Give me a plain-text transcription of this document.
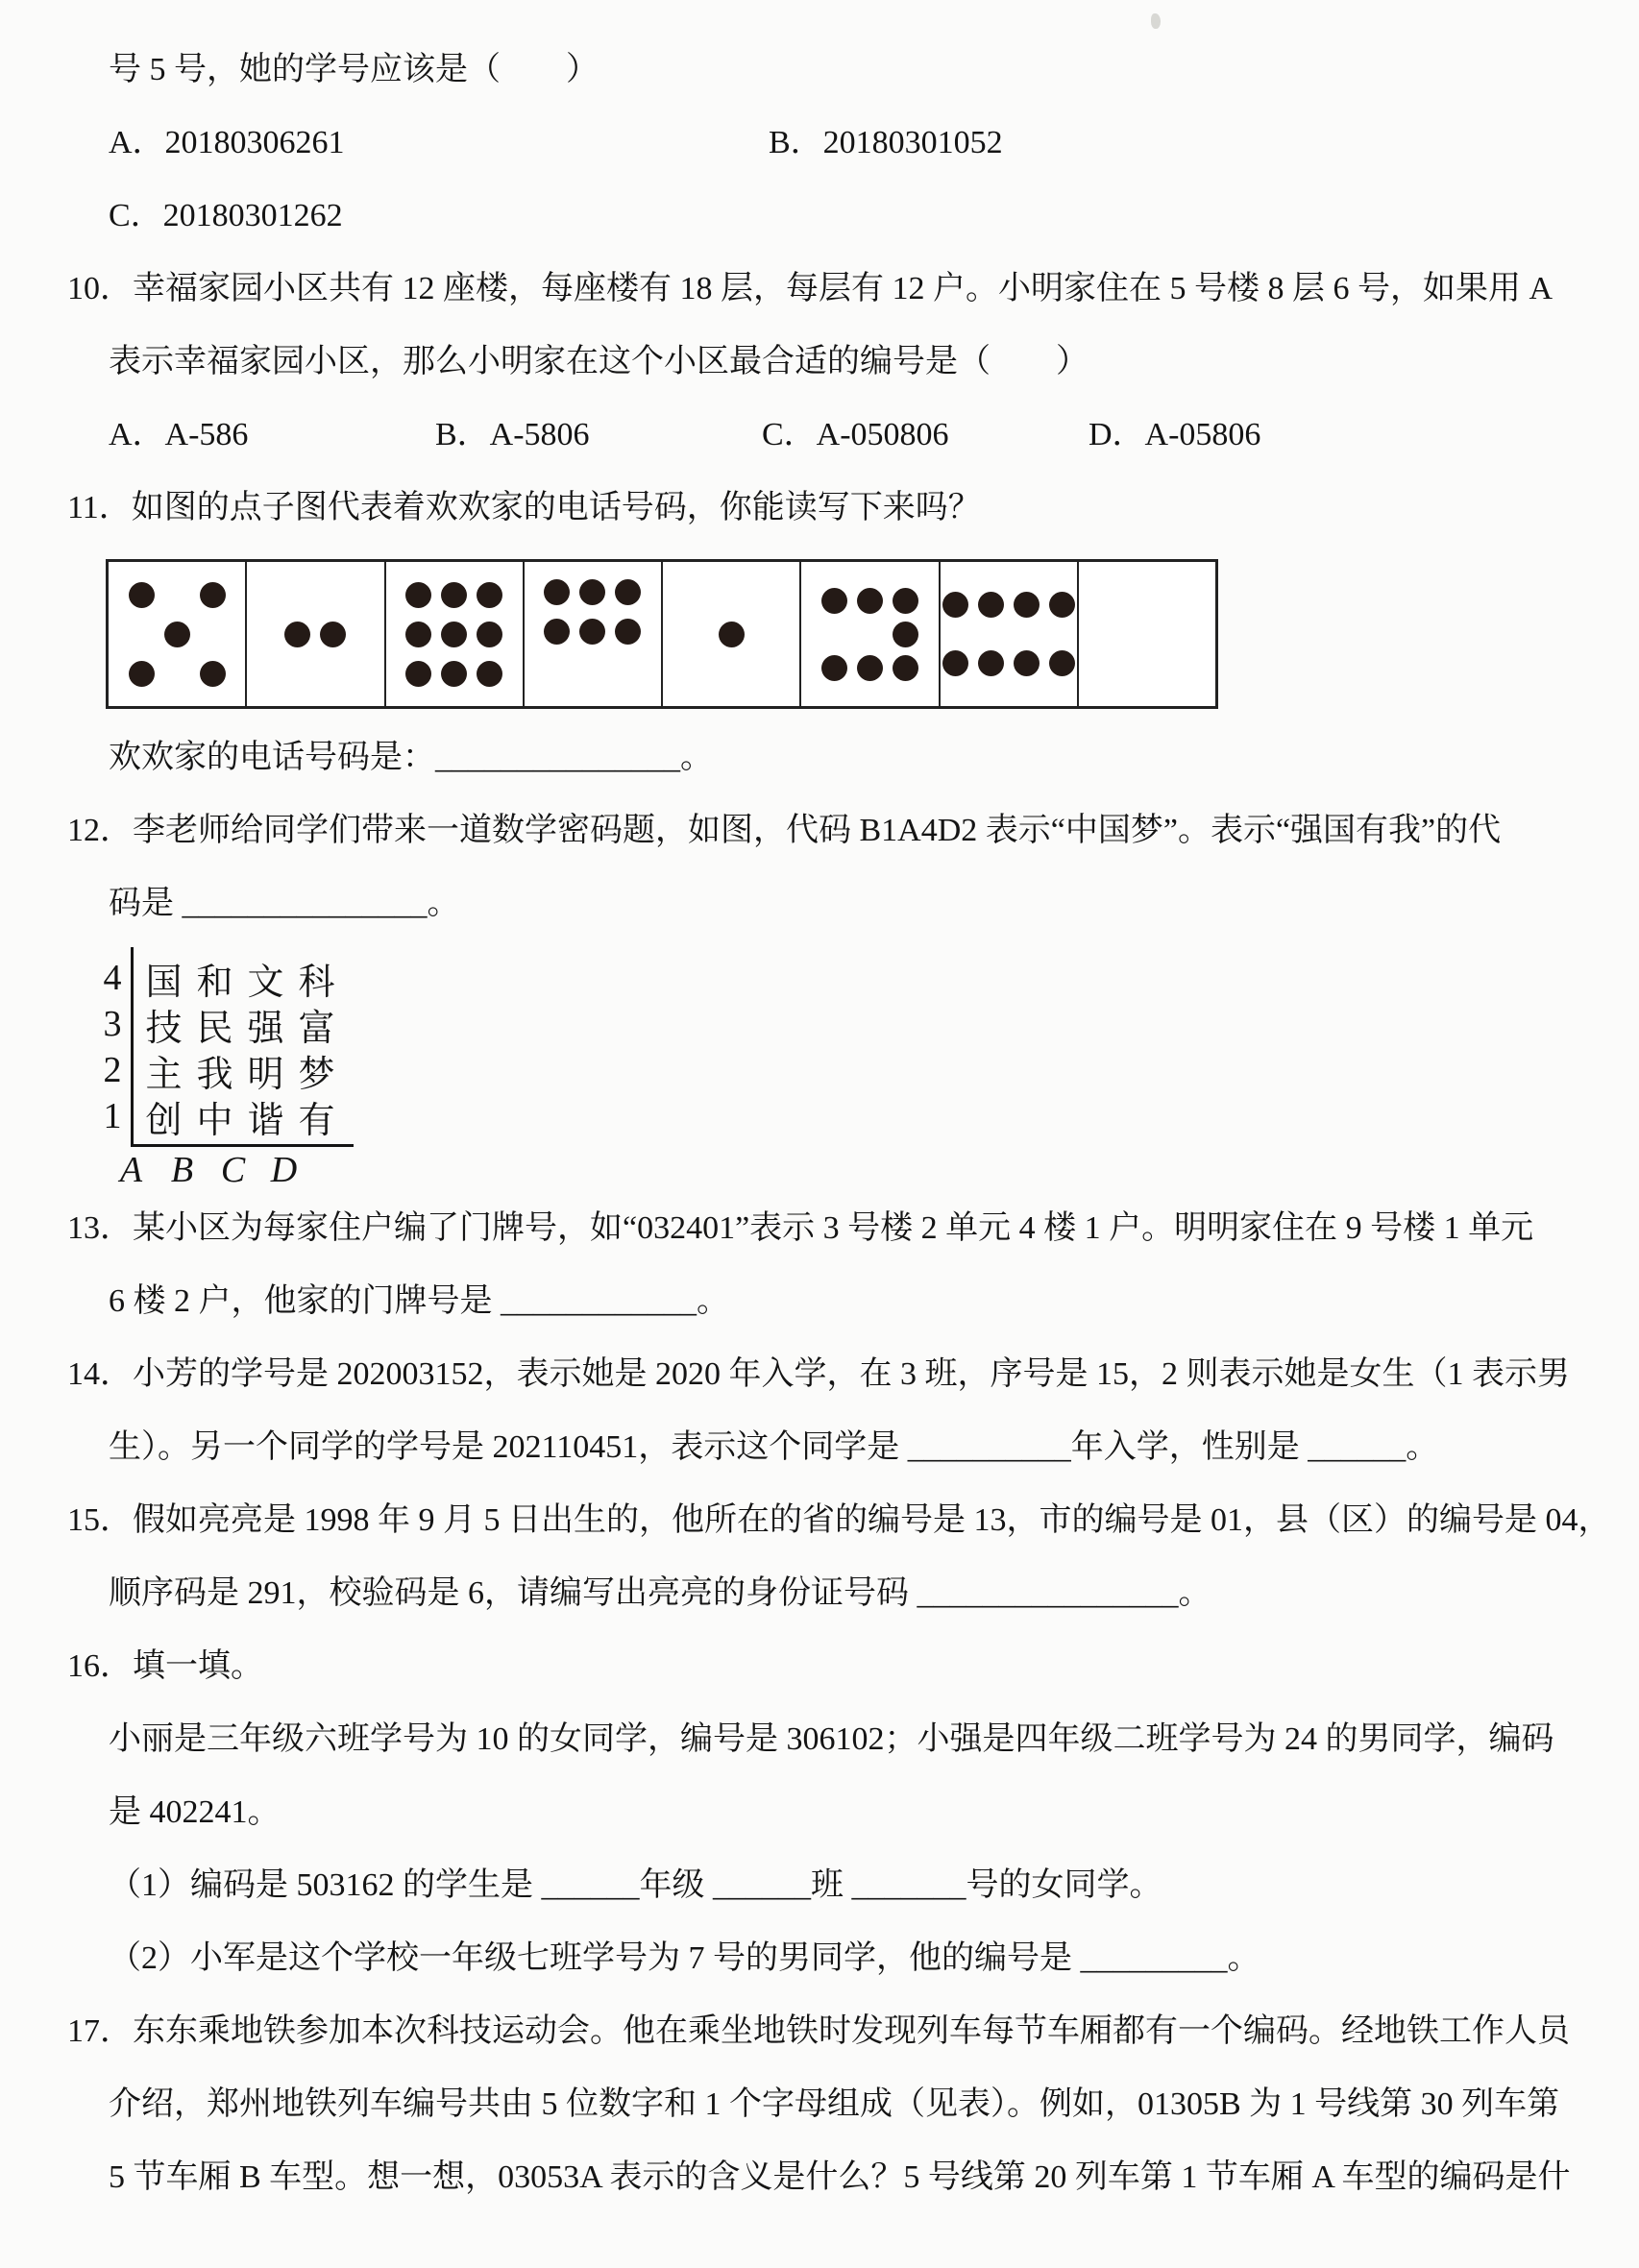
号 5 号，她的学号应该是（　　）
A．20180306261	B．20180301052
C．20180301262
10．幸福家园小区共有 12 座楼，每座楼有 18 层，每层有 12 户。小明家住在 5 号楼 8 层 6 号，如果用 A
表示幸福家园小区，那么小明家在这个小区最合适的编号是（　　）
A．A-586	B．A-5806	C．A-050806	D．A-05806
11．如图的点子图代表着欢欢家的电话号码，你能读写下来吗？
欢欢家的电话号码是：_______________。
12．李老师给同学们带来一道数学密码题，如图，代码 B1A4D2 表示“中国梦”。表示“强国有我”的代
码是 _______________。
4 国 和 文 科
3 技 民 强 富
2 主 我 明 梦
1 创 中 谐 有
A B C D
13．某小区为每家住户编了门牌号，如“032401”表示 3 号楼 2 单元 4 楼 1 户。明明家住在 9 号楼 1 单元
6 楼 2 户，他家的门牌号是 ____________。
14．小芳的学号是 202003152，表示她是 2020 年入学，在 3 班，序号是 15，2 则表示她是女生（1 表示男
生）。另一个同学的学号是 202110451，表示这个同学是 __________年入学，性别是 ______。
15．假如亮亮是 1998 年 9 月 5 日出生的，他所在的省的编号是 13，市的编号是 01，县（区）的编号是 04，
顺序码是 291，校验码是 6，请编写出亮亮的身份证号码 ________________。
16．填一填。
小丽是三年级六班学号为 10 的女同学，编号是 306102；小强是四年级二班学号为 24 的男同学，编码
是 402241。
（1）编码是 503162 的学生是 ______年级 ______班 _______号的女同学。
（2）小军是这个学校一年级七班学号为 7 号的男同学，他的编号是 _________。
17．东东乘地铁参加本次科技运动会。他在乘坐地铁时发现列车每节车厢都有一个编码。经地铁工作人员
介绍，郑州地铁列车编号共由 5 位数字和 1 个字母组成（见表）。例如，01305B 为 1 号线第 30 列车第
5 节车厢 B 车型。想一想，03053A 表示的含义是什么？5 号线第 20 列车第 1 节车厢 A 车型的编码是什
